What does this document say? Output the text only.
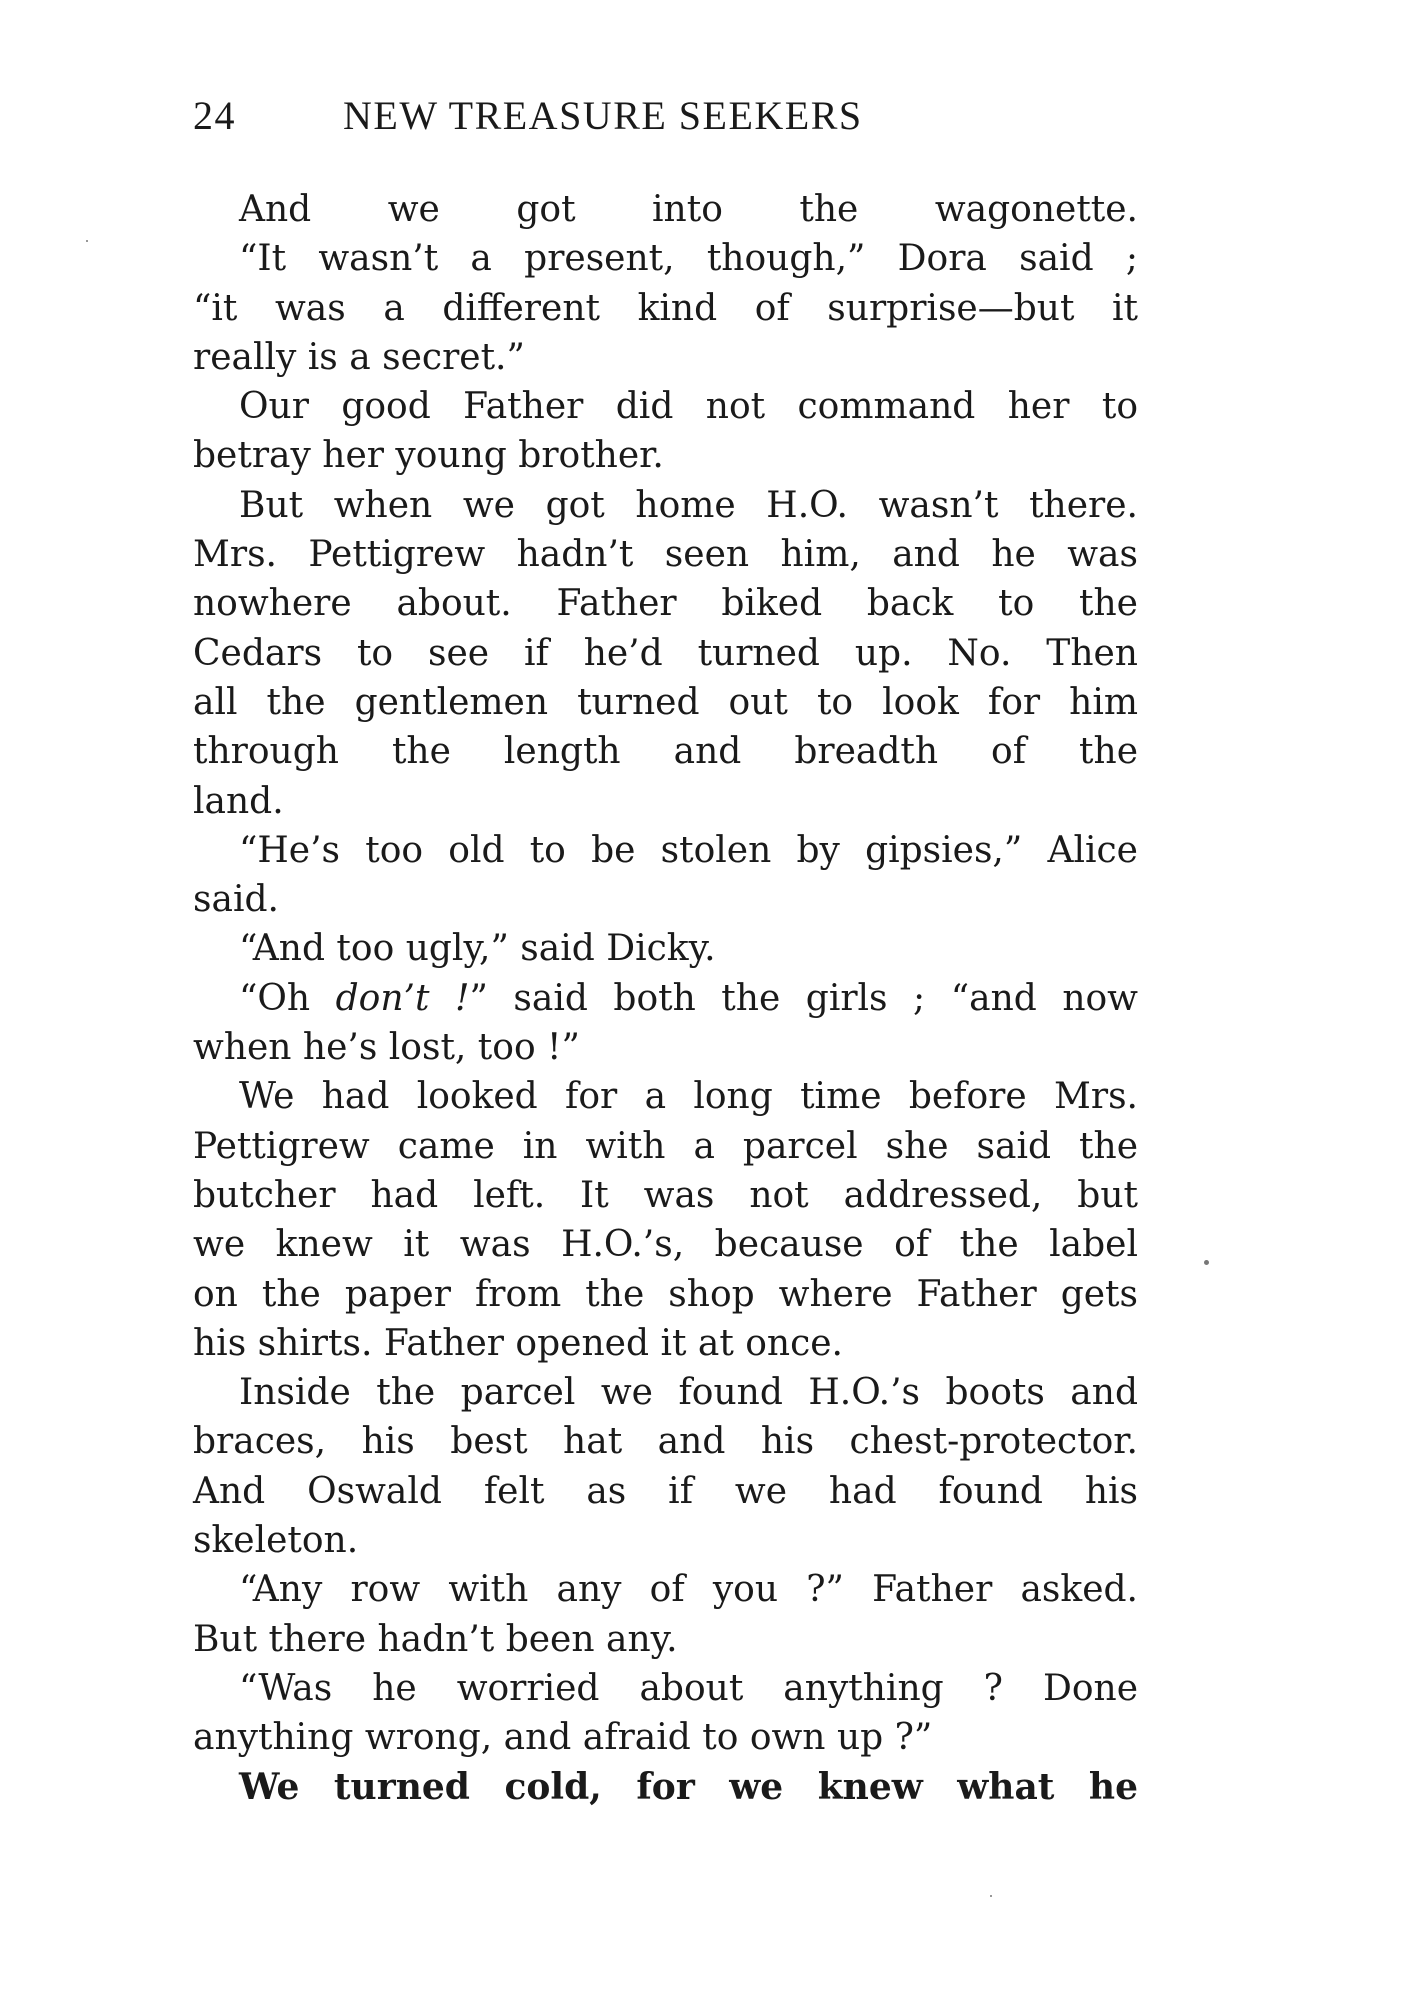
24	NEW TREASURE SEEKERS
And we got into the wagonette.
“It wasn’t a present, though,” Dora said ;
“it was a different kind of surprise—but it
really is a secret.”
Our good Father did not command her to
betray her young brother.
But when we got home H.O. wasn’t there.
Mrs. Pettigrew hadn’t seen him, and he was
nowhere about. Father biked back to the
Cedars to see if he’d turned up. No. Then
all the gentlemen turned out to look for him
through the length and breadth of the
land.
“He’s too old to be stolen by gipsies,” Alice
said.
“And too ugly,” said Dicky.
“Oh don’t !” said both the girls ; “and now
when he’s lost, too !”
We had looked for a long time before Mrs.
Pettigrew came in with a parcel she said the
butcher had left. It was not addressed, but
we knew it was H.O.’s, because of the label
on the paper from the shop where Father gets
his shirts. Father opened it at once.
Inside the parcel we found H.O.’s boots and
braces, his best hat and his chest-protector.
And Oswald felt as if we had found his
skeleton.
“Any row with any of you ?” Father asked.
But there hadn’t been any.
“Was he worried about anything ? Done
anything wrong, and afraid to own up ?”
We turned cold, for we knew what he
